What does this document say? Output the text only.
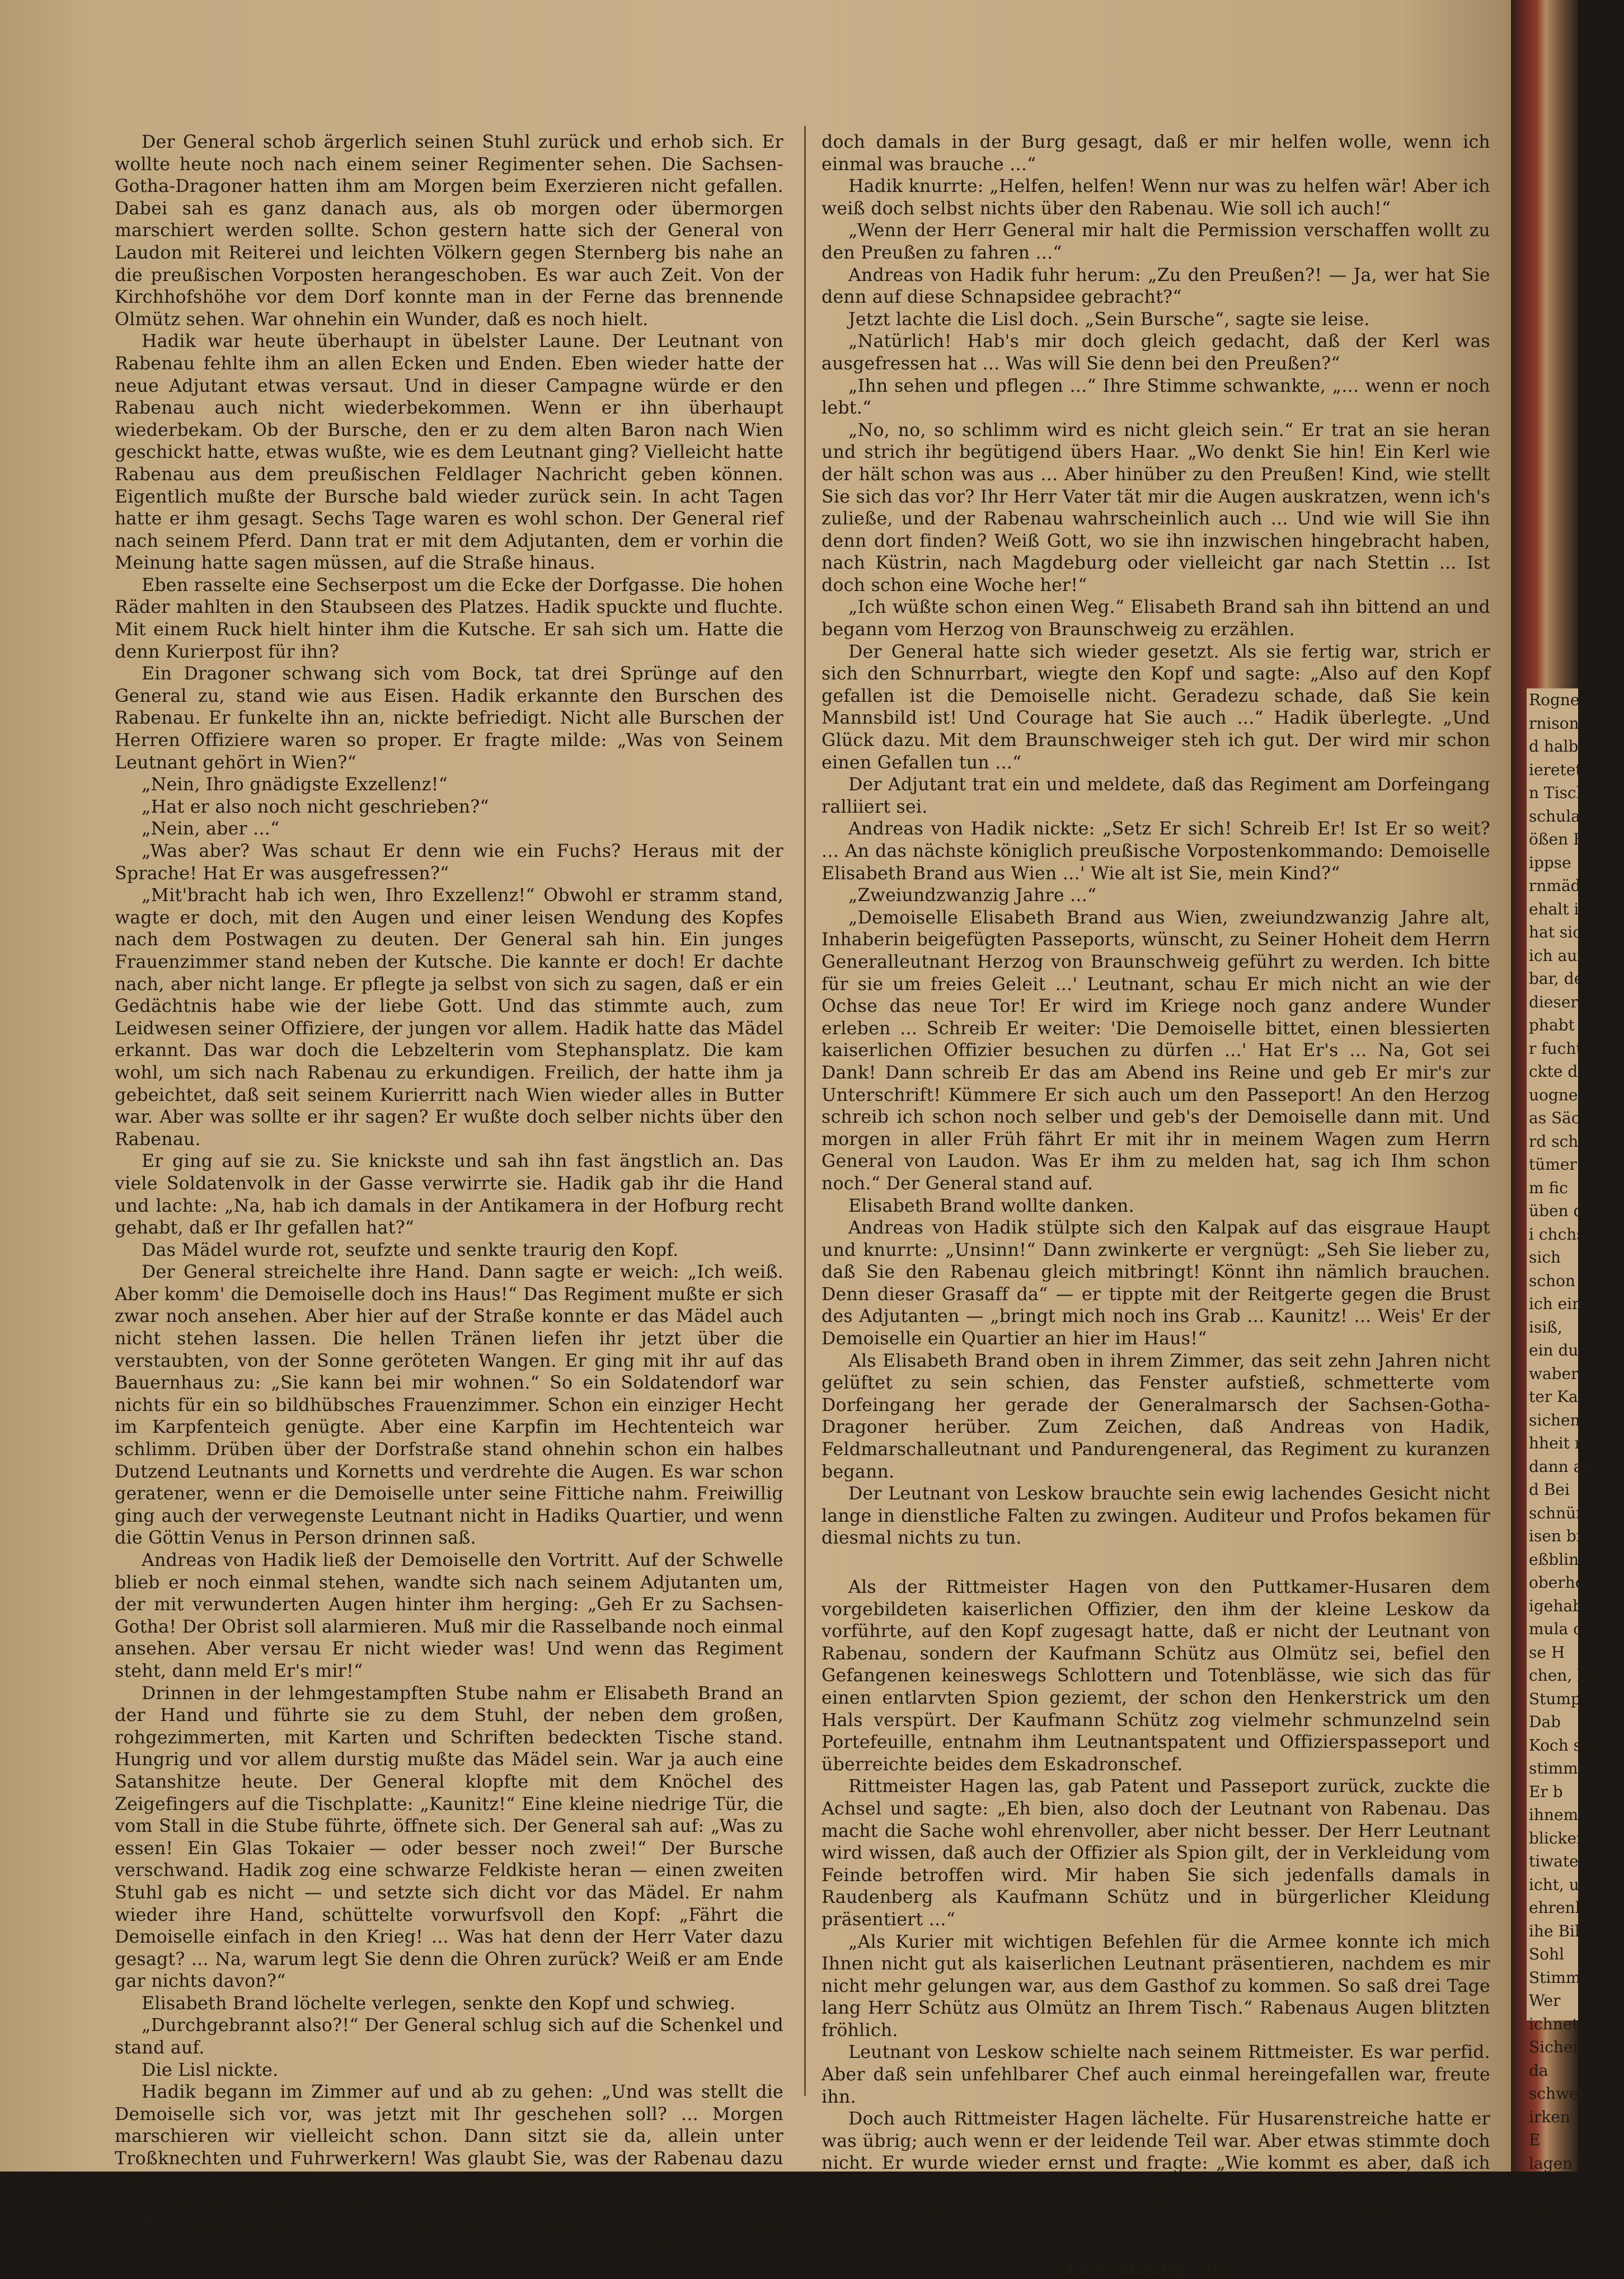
Der General schob ärgerlich seinen Stuhl zurück und erhob sich. Er wollte heute noch nach einem seiner Regimenter sehen. Die Sachsen-Gotha-Dragoner hatten ihm am Morgen beim Exerzieren nicht gefallen. Dabei sah es ganz danach aus, als ob morgen oder übermorgen marschiert werden sollte. Schon gestern hatte sich der General von Laudon mit Reiterei und leichten Völkern gegen Sternberg bis nahe an die preußischen Vorposten herangeschoben. Es war auch Zeit. Von der Kirchhofshöhe vor dem Dorf konnte man in der Ferne das brennende Olmütz sehen. War ohnehin ein Wunder, daß es noch hielt.

Hadik war heute überhaupt in übelster Laune. Der Leutnant von Rabenau fehlte ihm an allen Ecken und Enden. Eben wieder hatte der neue Adjutant etwas versaut. Und in dieser Campagne würde er den Rabenau auch nicht wiederbekommen. Wenn er ihn überhaupt wiederbekam. Ob der Bursche, den er zu dem alten Baron nach Wien geschickt hatte, etwas wußte, wie es dem Leutnant ging? Vielleicht hatte Rabenau aus dem preußischen Feldlager Nachricht geben können. Eigentlich mußte der Bursche bald wieder zurück sein. In acht Tagen hatte er ihm gesagt. Sechs Tage waren es wohl schon. Der General rief nach seinem Pferd. Dann trat er mit dem Adjutanten, dem er vorhin die Meinung hatte sagen müssen, auf die Straße hinaus.

Eben rasselte eine Sechserpost um die Ecke der Dorfgasse. Die hohen Räder mahlten in den Staubseen des Platzes. Hadik spuckte und fluchte. Mit einem Ruck hielt hinter ihm die Kutsche. Er sah sich um. Hatte die denn Kurierpost für ihn?

Ein Dragoner schwang sich vom Bock, tat drei Sprünge auf den General zu, stand wie aus Eisen. Hadik erkannte den Burschen des Rabenau. Er funkelte ihn an, nickte befriedigt. Nicht alle Burschen der Herren Offiziere waren so proper. Er fragte milde: „Was von Seinem Leutnant gehört in Wien?“

„Nein, Ihro gnädigste Exzellenz!“

„Hat er also noch nicht geschrieben?“

„Nein, aber ...“

„Was aber? Was schaut Er denn wie ein Fuchs? Heraus mit der Sprache! Hat Er was ausgefressen?“

„Mit'bracht hab ich wen, Ihro Exzellenz!“ Obwohl er stramm stand, wagte er doch, mit den Augen und einer leisen Wendung des Kopfes nach dem Postwagen zu deuten. Der General sah hin. Ein junges Frauenzimmer stand neben der Kutsche. Die kannte er doch! Er dachte nach, aber nicht lange. Er pflegte ja selbst von sich zu sagen, daß er ein Gedächtnis habe wie der liebe Gott. Und das stimmte auch, zum Leidwesen seiner Offiziere, der jungen vor allem. Hadik hatte das Mädel erkannt. Das war doch die Lebzelterin vom Stephansplatz. Die kam wohl, um sich nach Rabenau zu erkundigen. Freilich, der hatte ihm ja gebeichtet, daß seit seinem Kurierritt nach Wien wieder alles in Butter war. Aber was sollte er ihr sagen? Er wußte doch selber nichts über den Rabenau.

Er ging auf sie zu. Sie knickste und sah ihn fast ängstlich an. Das viele Soldatenvolk in der Gasse verwirrte sie. Hadik gab ihr die Hand und lachte: „Na, hab ich damals in der Antikamera in der Hofburg recht gehabt, daß er Ihr gefallen hat?“

Das Mädel wurde rot, seufzte und senkte traurig den Kopf.

Der General streichelte ihre Hand. Dann sagte er weich: „Ich weiß. Aber komm' die Demoiselle doch ins Haus!“ Das Regiment mußte er sich zwar noch ansehen. Aber hier auf der Straße konnte er das Mädel auch nicht stehen lassen. Die hellen Tränen liefen ihr jetzt über die verstaubten, von der Sonne geröteten Wangen. Er ging mit ihr auf das Bauernhaus zu: „Sie kann bei mir wohnen.“ So ein Soldatendorf war nichts für ein so bildhübsches Frauenzimmer. Schon ein einziger Hecht im Karpfenteich genügte. Aber eine Karpfin im Hechtenteich war schlimm. Drüben über der Dorfstraße stand ohnehin schon ein halbes Dutzend Leutnants und Kornetts und verdrehte die Augen. Es war schon geratener, wenn er die Demoiselle unter seine Fittiche nahm. Freiwillig ging auch der verwegenste Leutnant nicht in Hadiks Quartier, und wenn die Göttin Venus in Person drinnen saß.

Andreas von Hadik ließ der Demoiselle den Vortritt. Auf der Schwelle blieb er noch einmal stehen, wandte sich nach seinem Adjutanten um, der mit verwunderten Augen hinter ihm herging: „Geh Er zu Sachsen-Gotha! Der Obrist soll alarmieren. Muß mir die Rasselbande noch einmal ansehen. Aber versau Er nicht wieder was! Und wenn das Regiment steht, dann meld Er's mir!“

Drinnen in der lehmgestampften Stube nahm er Elisabeth Brand an der Hand und führte sie zu dem Stuhl, der neben dem großen, rohgezimmerten, mit Karten und Schriften bedeckten Tische stand. Hungrig und vor allem durstig mußte das Mädel sein. War ja auch eine Satanshitze heute. Der General klopfte mit dem Knöchel des Zeigefingers auf die Tischplatte: „Kaunitz!“ Eine kleine niedrige Tür, die vom Stall in die Stube führte, öffnete sich. Der General sah auf: „Was zu essen! Ein Glas Tokaier — oder besser noch zwei!“ Der Bursche verschwand. Hadik zog eine schwarze Feldkiste heran — einen zweiten Stuhl gab es nicht — und setzte sich dicht vor das Mädel. Er nahm wieder ihre Hand, schüttelte vorwurfsvoll den Kopf: „Fährt die Demoiselle einfach in den Krieg! ... Was hat denn der Herr Vater dazu gesagt? ... Na, warum legt Sie denn die Ohren zurück? Weiß er am Ende gar nichts davon?“

Elisabeth Brand löchelte verlegen, senkte den Kopf und schwieg.

„Durchgebrannt also?!“ Der General schlug sich auf die Schenkel und stand auf.

Die Lisl nickte.

Hadik begann im Zimmer auf und ab zu gehen: „Und was stellt die Demoiselle sich vor, was jetzt mit Ihr geschehen soll? ... Morgen marschieren wir vielleicht schon. Dann sitzt sie da, allein unter Troßknechten und Fuhrwerkern! Was glaubt Sie, was der Rabenau dazu sagen tät? Nicht einmal die Post geht hier mehr durch, wenn das Stabsquartier abmarschiert ist.“

Elisabeth Brand war wieder dem Weinen nahe. Der General schien ernstlich böse zu sein. Sie sagte bittend: „Der Herr General hat mir

doch damals in der Burg gesagt, daß er mir helfen wolle, wenn ich einmal was brauche ...“

Hadik knurrte: „Helfen, helfen! Wenn nur was zu helfen wär! Aber ich weiß doch selbst nichts über den Rabenau. Wie soll ich auch!“

„Wenn der Herr General mir halt die Permission verschaffen wollt zu den Preußen zu fahren ...“

Andreas von Hadik fuhr herum: „Zu den Preußen?! — Ja, wer hat Sie denn auf diese Schnapsidee gebracht?“

Jetzt lachte die Lisl doch. „Sein Bursche“, sagte sie leise.

„Natürlich! Hab's mir doch gleich gedacht, daß der Kerl was ausgefressen hat ... Was will Sie denn bei den Preußen?“

„Ihn sehen und pflegen ...“ Ihre Stimme schwankte, „... wenn er noch lebt.“

„No, no, so schlimm wird es nicht gleich sein.“ Er trat an sie heran und strich ihr begütigend übers Haar. „Wo denkt Sie hin! Ein Kerl wie der hält schon was aus ... Aber hinüber zu den Preußen! Kind, wie stellt Sie sich das vor? Ihr Herr Vater tät mir die Augen auskratzen, wenn ich's zuließe, und der Rabenau wahrscheinlich auch ... Und wie will Sie ihn denn dort finden? Weiß Gott, wo sie ihn inzwischen hingebracht haben, nach Küstrin, nach Magdeburg oder vielleicht gar nach Stettin ... Ist doch schon eine Woche her!“

„Ich wüßte schon einen Weg.“ Elisabeth Brand sah ihn bittend an und begann vom Herzog von Braunschweig zu erzählen.

Der General hatte sich wieder gesetzt. Als sie fertig war, strich er sich den Schnurrbart, wiegte den Kopf und sagte: „Also auf den Kopf gefallen ist die Demoiselle nicht. Geradezu schade, daß Sie kein Mannsbild ist! Und Courage hat Sie auch ...“ Hadik überlegte. „Und Glück dazu. Mit dem Braunschweiger steh ich gut. Der wird mir schon einen Gefallen tun ...“

Der Adjutant trat ein und meldete, daß das Regiment am Dorfeingang ralliiert sei.

Andreas von Hadik nickte: „Setz Er sich! Schreib Er! Ist Er so weit? ... An das nächste königlich preußische Vorpostenkommando: Demoiselle Elisabeth Brand aus Wien ...' Wie alt ist Sie, mein Kind?“

„Zweiundzwanzig Jahre ...“

„Demoiselle Elisabeth Brand aus Wien, zweiundzwanzig Jahre alt, Inhaberin beigefügten Passeports, wünscht, zu Seiner Hoheit dem Herrn Generalleutnant Herzog von Braunschweig geführt zu werden. Ich bitte für sie um freies Geleit ...' Leutnant, schau Er mich nicht an wie der Ochse das neue Tor! Er wird im Kriege noch ganz andere Wunder erleben ... Schreib Er weiter: 'Die Demoiselle bittet, einen blessierten kaiserlichen Offizier besuchen zu dürfen ...' Hat Er's ... Na, Got sei Dank! Dann schreib Er das am Abend ins Reine und geb Er mir's zur Unterschrift! Kümmere Er sich auch um den Passeport! An den Herzog schreib ich schon noch selber und geb's der Demoiselle dann mit. Und morgen in aller Früh fährt Er mit ihr in meinem Wagen zum Herrn General von Laudon. Was Er ihm zu melden hat, sag ich Ihm schon noch.“ Der General stand auf.

Elisabeth Brand wollte danken.

Andreas von Hadik stülpte sich den Kalpak auf das eisgraue Haupt und knurrte: „Unsinn!“ Dann zwinkerte er vergnügt: „Seh Sie lieber zu, daß Sie den Rabenau gleich mitbringt! Könnt ihn nämlich brauchen. Denn dieser Grasaff da“ — er tippte mit der Reitgerte gegen die Brust des Adjutanten — „bringt mich noch ins Grab ... Kaunitz! ... Weis' Er der Demoiselle ein Quartier an hier im Haus!“

Als Elisabeth Brand oben in ihrem Zimmer, das seit zehn Jahren nicht gelüftet zu sein schien, das Fenster aufstieß, schmetterte vom Dorfeingang her gerade der Generalmarsch der Sachsen-Gotha-Dragoner herüber. Zum Zeichen, daß Andreas von Hadik, Feldmarschalleutnant und Pandurengeneral, das Regiment zu kuranzen begann.

Der Leutnant von Leskow brauchte sein ewig lachendes Gesicht nicht lange in dienstliche Falten zu zwingen. Auditeur und Profos bekamen für diesmal nichts zu tun.

Als der Rittmeister Hagen von den Puttkamer-Husaren dem vorgebildeten kaiserlichen Offizier, den ihm der kleine Leskow da vorführte, auf den Kopf zugesagt hatte, daß er nicht der Leutnant von Rabenau, sondern der Kaufmann Schütz aus Olmütz sei, befiel den Gefangenen keineswegs Schlottern und Totenblässe, wie sich das für einen entlarvten Spion geziemt, der schon den Henkerstrick um den Hals verspürt. Der Kaufmann Schütz zog vielmehr schmunzelnd sein Portefeuille, entnahm ihm Leutnantspatent und Offizierspasseport und überreichte beides dem Eskadronschef.

Rittmeister Hagen las, gab Patent und Passeport zurück, zuckte die Achsel und sagte: „Eh bien, also doch der Leutnant von Rabenau. Das macht die Sache wohl ehrenvoller, aber nicht besser. Der Herr Leutnant wird wissen, daß auch der Offizier als Spion gilt, der in Verkleidung vom Feinde betroffen wird. Mir haben Sie sich jedenfalls damals in Raudenberg als Kaufmann Schütz und in bürgerlicher Kleidung präsentiert ...“

„Als Kurier mit wichtigen Befehlen für die Armee konnte ich mich Ihnen nicht gut als kaiserlichen Leutnant präsentieren, nachdem es mir nicht mehr gelungen war, aus dem Gasthof zu kommen. So saß drei Tage lang Herr Schütz aus Olmütz an Ihrem Tisch.“ Rabenaus Augen blitzten fröhlich.

Leutnant von Leskow schielte nach seinem Rittmeister. Es war perfid. Aber daß sein unfehlbarer Chef auch einmal hereingefallen war, freute ihn.

Doch auch Rittmeister Hagen lächelte. Für Husarenstreiche hatte er was übrig; auch wenn er der leidende Teil war. Aber etwas stimmte doch nicht. Er wurde wieder ernst und fragte: „Wie kommt es aber, daß ich das Pläsier hatte, die, wie ich mich erinnern kann, sehr schöne Madame Schütz kennenzulernen, in Ihren Papieren aber steht, daß Sie nicht verheiratet sind?“

(Fortsetzung folgt.)

Rogner
rnisons
d halb
ieretet,
n Tisch
schula
ößen B
ippse
rnmädc
ehalt in
hat sic
ich auf
bar, de
dieser
phabt in
r fuchtel
ckte des
uogners
as Säck
rd schar
tümer m
m fic
üben de
i chchsel,
sich
schon
ich einem
isiß,
ein dunk
waber
ter Kar
sichen w
hheit m
dann ang
d Bei
schnüra
isen brod
eßblinden
oberholde
igehaber
mula c
se H
chen, hal
Stumpfe,
Dab
Koch sel
stimmen sic
Er b
ihnem
blicker d
tiwate.
icht, un
ehrenhafte
ihe Bil
Sohl
Stimme
Wer
ichnet
Sichen
da
schwer
irken
E
lagen ir
Mal
ung
pgsam
